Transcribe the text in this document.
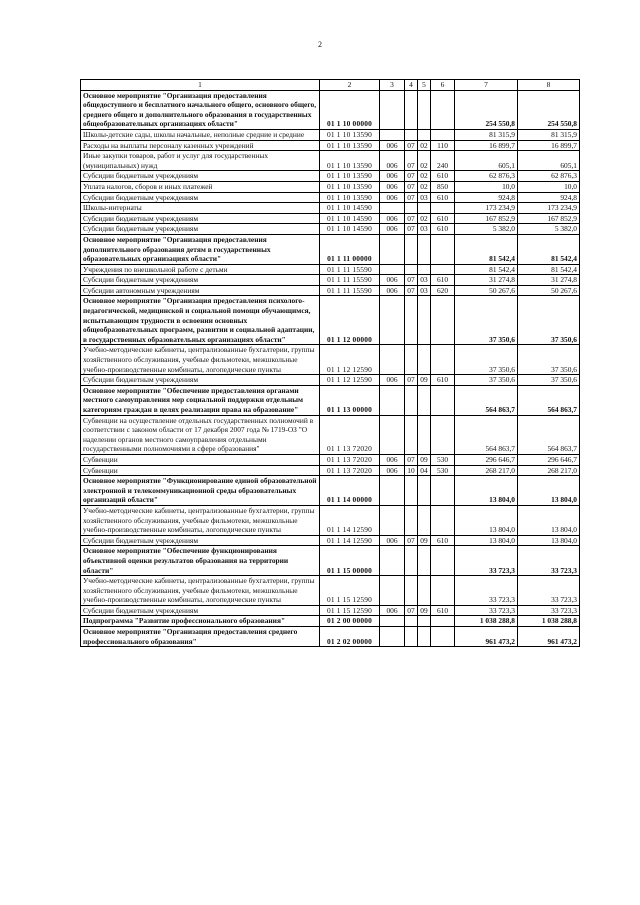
2
1	2	3	4	5	6	7	8
Основное мероприятие "Организация предоставления общедоступного и бесплатного начального общего, основного общего, среднего общего и дополнительного образования в государственных общеобразовательных организациях области"	01 1 10 00000					254 550,8	254 550,8
Школы-детские сады, школы начальные, неполные средние и средние	01 1 10 13590					81 315,9	81 315,9
Расходы на выплаты персоналу казенных учреждений	01 1 10 13590	006	07	02	110	16 899,7	16 899,7
Иные закупки товаров, работ и услуг для государственных (муниципальных) нужд	01 1 10 13590	006	07	02	240	605,1	605,1
Субсидии бюджетным учреждениям	01 1 10 13590	006	07	02	610	62 876,3	62 876,3
Уплата налогов, сборов и иных платежей	01 1 10 13590	006	07	02	850	10,0	10,0
Субсидии бюджетным учреждениям	01 1 10 13590	006	07	03	610	924,8	924,8
Школы-интернаты	01 1 10 14590					173 234,9	173 234,9
Субсидии бюджетным учреждениям	01 1 10 14590	006	07	02	610	167 852,9	167 852,9
Субсидии бюджетным учреждениям	01 1 10 14590	006	07	03	610	5 382,0	5 382,0
Основное мероприятие "Организация предоставления дополнительного образования детям в государственных образовательных организациях области"	01 1 11 00000					81 542,4	81 542,4
Учреждения по внешкольной работе с детьми	01 1 11 15590					81 542,4	81 542,4
Субсидии бюджетным учреждениям	01 1 11 15590	006	07	03	610	31 274,8	31 274,8
Субсидии автономным учреждениям	01 1 11 15590	006	07	03	620	50 267,6	50 267,6
Основное мероприятие "Организация предоставления психолого-педагогической, медицинской и социальной помощи обучающимся, испытывающим трудности в освоении основных общеобразовательных программ, развитии и социальной адаптации, в государственных образовательных организациях области"	01 1 12 00000					37 350,6	37 350,6
Учебно-методические кабинеты, централизованные бухгалтерии, группы хозяйственного обслуживания, учебные фильмотеки, межшкольные учебно-производственные комбинаты, логопедические пункты	01 1 12 12590					37 350,6	37 350,6
Субсидии бюджетным учреждениям	01 1 12 12590	006	07	09	610	37 350,6	37 350,6
Основное мероприятие "Обеспечение предоставления органами местного самоуправления мер социальной поддержки отдельным категориям граждан в целях реализации права на образование"	01 1 13 00000					564 863,7	564 863,7
Субвенции на осуществление отдельных государственных полномочий в соответствии с законом области от 17 декабря 2007 года № 1719-ОЗ "О наделении органов местного самоуправления отдельными государственными полномочиями в сфере образования"	01 1 13 72020					564 863,7	564 863,7
Субвенции	01 1 13 72020	006	07	09	530	296 646,7	296 646,7
Субвенции	01 1 13 72020	006	10	04	530	268 217,0	268 217,0
Основное мероприятие "Функционирование единой образовательной электронной и телекоммуникационной среды образовательных организаций области"	01 1 14 00000					13 804,0	13 804,0
Учебно-методические кабинеты, централизованные бухгалтерии, группы хозяйственного обслуживания, учебные фильмотеки, межшкольные учебно-производственные комбинаты, логопедические пункты	01 1 14 12590					13 804,0	13 804,0
Субсидии бюджетным учреждениям	01 1 14 12590	006	07	09	610	13 804,0	13 804,0
Основное мероприятие "Обеспечение функционирования объективной оценки результатов образования на территории области"	01 1 15 00000					33 723,3	33 723,3
Учебно-методические кабинеты, централизованные бухгалтерии, группы хозяйственного обслуживания, учебные фильмотеки, межшкольные учебно-производственные комбинаты, логопедические пункты	01 1 15 12590					33 723,3	33 723,3
Субсидии бюджетным учреждениям	01 1 15 12590	006	07	09	610	33 723,3	33 723,3
Подпрограмма "Развитие профессионального образования"	01 2 00 00000					1 038 288,8	1 038 288,8
Основное мероприятие "Организация предоставления среднего профессионального образования"	01 2 02 00000					961 473,2	961 473,2
